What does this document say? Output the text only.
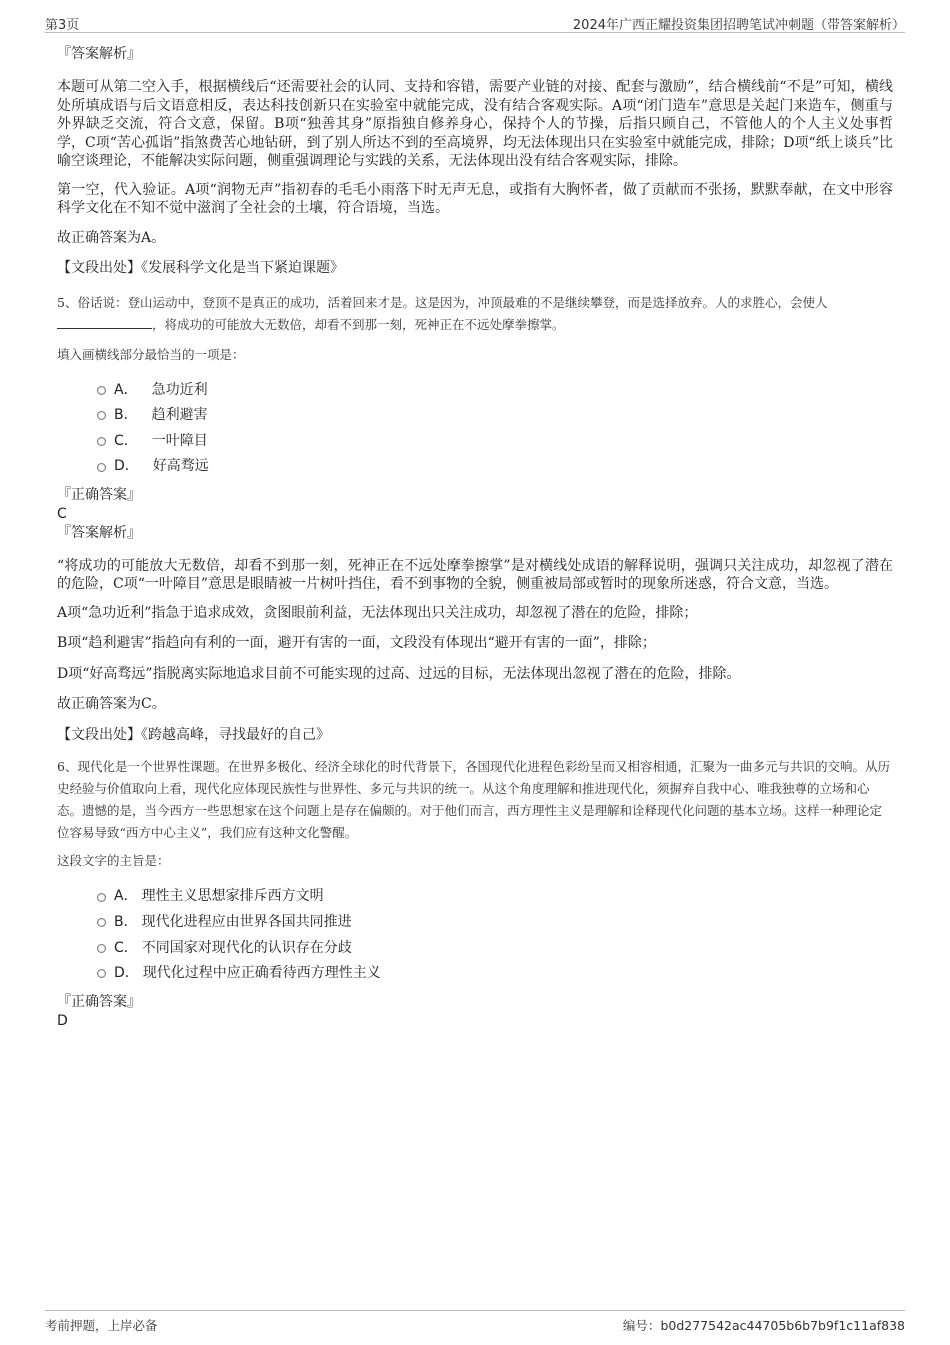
第3页	2024年广西正耀投资集团招聘笔试冲刺题（带答案解析）

『答案解析』

本题可从第二空入手，根据横线后“还需要社会的认同、支持和容错，需要产业链的对接、配套与激励”，结合横线前“不是”可知，横线处所填成语与后文语意相反，表达科技创新只在实验室中就能完成，没有结合客观实际。A项“闭门造车”意思是关起门来造车，侧重与外界缺乏交流，符合文意，保留。B项“独善其身”原指独自修养身心，保持个人的节操，后指只顾自己，不管他人的个人主义处事哲学，C项“苦心孤诣”指煞费苦心地钻研，到了别人所达不到的至高境界，均无法体现出只在实验室中就能完成，排除；D项“纸上谈兵”比喻空谈理论，不能解决实际问题，侧重强调理论与实践的关系，无法体现出没有结合客观实际，排除。

第一空，代入验证。A项“润物无声”指初春的毛毛小雨落下时无声无息，或指有大胸怀者，做了贡献而不张扬，默默奉献，在文中形容科学文化在不知不觉中滋润了全社会的土壤，符合语境，当选。

故正确答案为A。

【文段出处】《发展科学文化是当下紧迫课题》

5、俗话说：登山运动中，登顶不是真正的成功，活着回来才是。这是因为，冲顶最难的不是继续攀登，而是选择放弃。人的求胜心，会使人，将成功的可能放大无数倍，却看不到那一刻，死神正在不远处摩拳擦掌。

填入画横线部分最恰当的一项是：

A． 急功近利
B． 趋利避害
C． 一叶障目
D． 好高骛远

『正确答案』

C

『答案解析』

“将成功的可能放大无数倍，却看不到那一刻，死神正在不远处摩拳擦掌”是对横线处成语的解释说明，强调只关注成功，却忽视了潜在的危险，C项“一叶障目”意思是眼睛被一片树叶挡住，看不到事物的全貌，侧重被局部或暂时的现象所迷惑，符合文意，当选。

A项“急功近利”指急于追求成效，贪图眼前利益，无法体现出只关注成功，却忽视了潜在的危险，排除；

B项“趋利避害”指趋向有利的一面，避开有害的一面，文段没有体现出“避开有害的一面”，排除；

D项“好高骛远”指脱离实际地追求目前不可能实现的过高、过远的目标，无法体现出忽视了潜在的危险，排除。

故正确答案为C。

【文段出处】《跨越高峰，寻找最好的自己》

6、现代化是一个世界性课题。在世界多极化、经济全球化的时代背景下，各国现代化进程色彩纷呈而又相容相通，汇聚为一曲多元与共识的交响。从历史经验与价值取向上看，现代化应体现民族性与世界性、多元与共识的统一。从这个角度理解和推进现代化，须摒弃自我中心、唯我独尊的立场和心态。遗憾的是，当今西方一些思想家在这个问题上是存在偏颇的。对于他们而言，西方理性主义是理解和诠释现代化问题的基本立场。这样一种理论定位容易导致“西方中心主义”，我们应有这种文化警醒。

这段文字的主旨是：

A． 理性主义思想家排斥西方文明
B． 现代化进程应由世界各国共同推进
C． 不同国家对现代化的认识存在分歧
D． 现代化过程中应正确看待西方理性主义

『正确答案』

D

考前押题，上岸必备	编号：b0d277542ac44705b6b7b9f1c11af838
